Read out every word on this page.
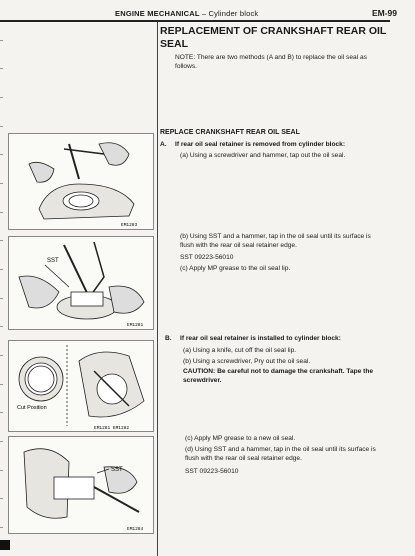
ENGINE MECHANICAL – Cylinder block	EM-99
REPLACEMENT OF CRANKSHAFT REAR OIL SEAL
NOTE: There are two methods (A and B) to replace the oil seal as follows.
REPLACE CRANKSHAFT REAR OIL SEAL
A. If rear oil seal retainer is removed from cylinder block:
(a) Using a screwdriver and hammer, tap out the oil seal.
(b) Using SST and a hammer, tap in the oil seal until its surface is flush with the rear oil seal retainer edge.
SST 09223-56010
(c) Apply MP grease to the oil seal lip.
B. If rear oil seal retainer is installed to cylinder block:
(a) Using a knife, cut off the oil seal lip.
(b) Using a screwdriver, Pry out the oil seal.
CAUTION: Be careful not to damage the crankshaft. Tape the screwdriver.
(c) Apply MP grease to a new oil seal.
(d) Using SST and a hammer, tap in the oil seal until its surface is flush with the rear oil seal retainer edge.
SST 09223-56010
EM1283
SST
EM1281
Cut Position
EM1281 EM1282
SST
EM1284
